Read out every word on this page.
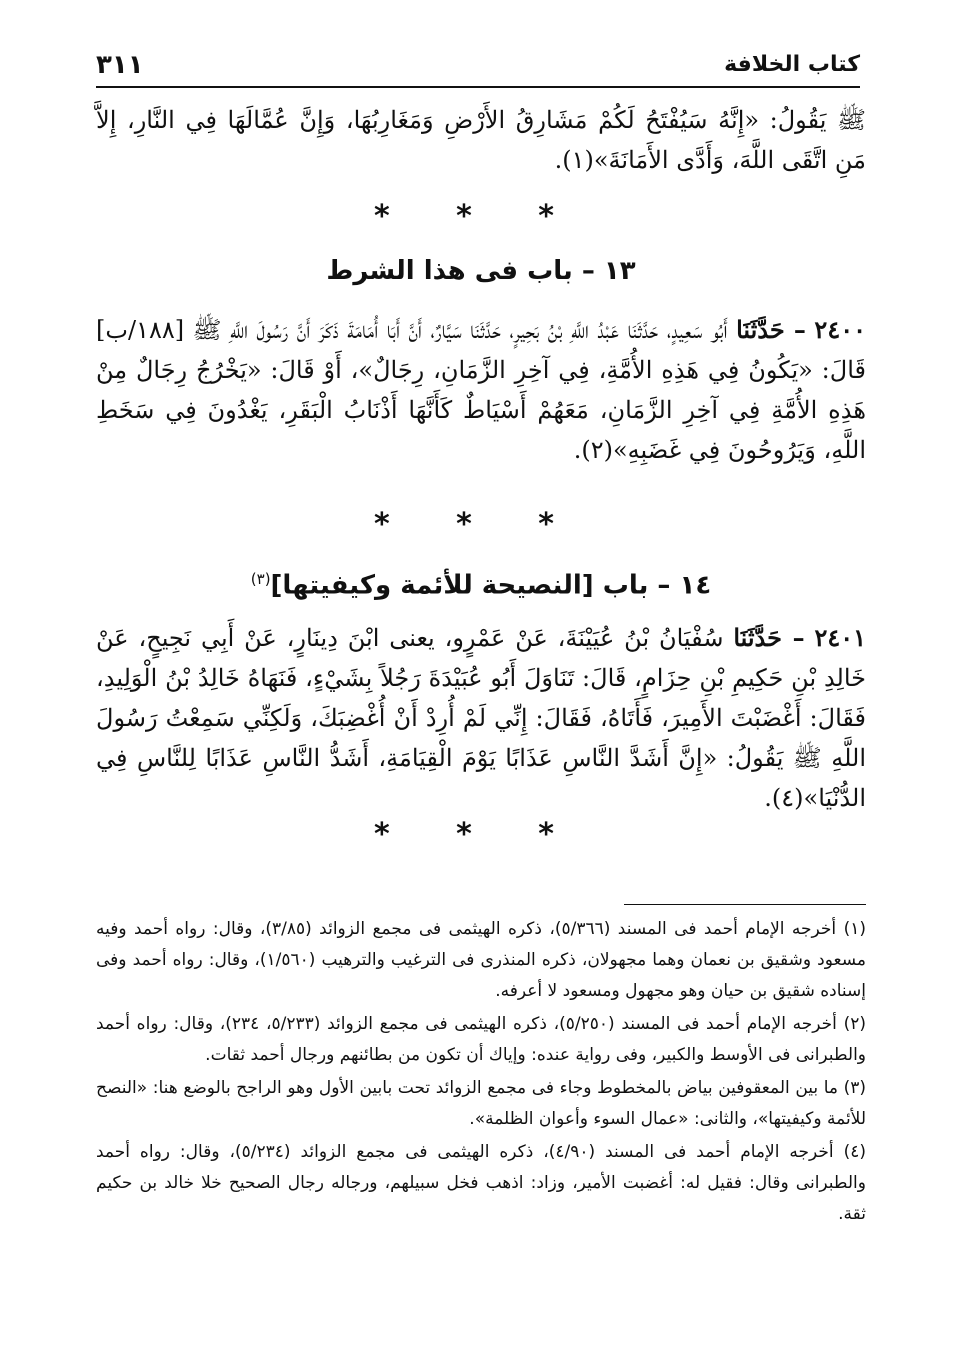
كتاب الخلافة
٣١١

ﷺ يَقُولُ: «إِنَّهُ سَيُفْتَحُ لَكُمْ مَشَارِقُ الأَرْضِ وَمَغَارِبُهَا، وَإِنَّ عُمَّالَهَا فِي النَّارِ، إِلاَّ مَنِ اتَّقَى اللَّهَ، وَأَدَّى الأَمَانَةَ»(١).

* * *
١٣ – باب فى هذا الشرط

٢٤٠٠ – حَدَّثَنَا أَبُو سَعِيدٍ، حَدَّثَنَا عَبْدُ اللَّهِ بْنُ بَحِيرٍ، حَدَّثَنَا سَيَّارٌ، أَنَّ أَبَا أُمَامَةَ ذَكَرَ أَنَّ رَسُولَ اللَّهِ ﷺ [١٨٨/ب] قَالَ: «يَكُونُ فِي هَذِهِ الأُمَّةِ، فِي آخِرِ الزَّمَانِ، رِجَالٌ»، أَوْ قَالَ: «يَخْرُجُ رِجَالٌ مِنْ هَذِهِ الأُمَّةِ فِي آخِرِ الزَّمَانِ، مَعَهُمْ أَسْيَاطٌ كَأَنَّهَا أَذْنَابُ الْبَقَرِ، يَغْدُونَ فِي سَخَطِ اللَّهِ، وَيَرُوحُونَ فِي غَضَبِهِ»(٢).

* * *
١٤ – باب [النصيحة للأئمة وكيفيتها]$^{(٣)}$

٢٤٠١ – حَدَّثَنَا سُفْيَانُ بْنُ عُيَيْنَةَ، عَنْ عَمْرٍو، يعنى ابْنَ دِينَارٍ، عَنْ أَبِي نَجِيحٍ، عَنْ خَالِدِ بْنِ حَكِيمِ بْنِ حِزَامٍ، قَالَ: تَنَاوَلَ أَبُو عُبَيْدَةَ رَجُلاً بِشَيْءٍ، فَنَهَاهُ خَالِدُ بْنُ الْوَلِيدِ، فَقَالَ: أَغْضَبْتَ الأَمِيرَ، فَأَتَاهُ، فَقَالَ: إِنِّي لَمْ أُرِدْ أَنْ أُغْضِبَكَ، وَلَكِنِّي سَمِعْتُ رَسُولَ اللَّهِ ﷺ يَقُولُ: «إِنَّ أَشَدَّ النَّاسِ عَذَابًا يَوْمَ الْقِيَامَةِ، أَشَدُّ النَّاسِ عَذَابًا لِلنَّاسِ فِي الدُّنْيَا»(٤).

* * *

(١) أخرجه الإمام أحمد فى المسند (٥/٣٦٦)، ذكره الهيثمى فى مجمع الزوائد (٣/٨٥)، وقال: رواه أحمد وفيه مسعود وشقيق بن نعمان وهما مجهولان، ذكره المنذرى فى الترغيب والترهيب (١/٥٦٠)، وقال: رواه أحمد وفى إسناده شقيق بن حيان وهو مجهول ومسعود لا أعرفه.

(٢) أخرجه الإمام أحمد فى المسند (٥/٢٥٠)، ذكره الهيثمى فى مجمع الزوائد (٥/٢٣٣، ٢٣٤)، وقال: رواه أحمد والطبرانى فى الأوسط والكبير، وفى رواية عنده: وإياك أن تكون من بطائنهم ورجال أحمد ثقات.

(٣) ما بين المعقوفين بياض بالمخطوط وجاء فى مجمع الزوائد تحت بابين الأول وهو الراجح بالوضع هنا: «النصح للأئمة وكيفيتها»، والثانى: «عمال السوء وأعوان الظلمة».

(٤) أخرجه الإمام أحمد فى المسند (٤/٩٠)، ذكره الهيثمى فى مجمع الزوائد (٥/٢٣٤)، وقال: رواه أحمد والطبرانى وقال: فقيل له: أغضبت الأمير، وزاد: اذهب فخل سبيلهم، ورجاله رجال الصحيح خلا خالد بن حكيم ثقة.
